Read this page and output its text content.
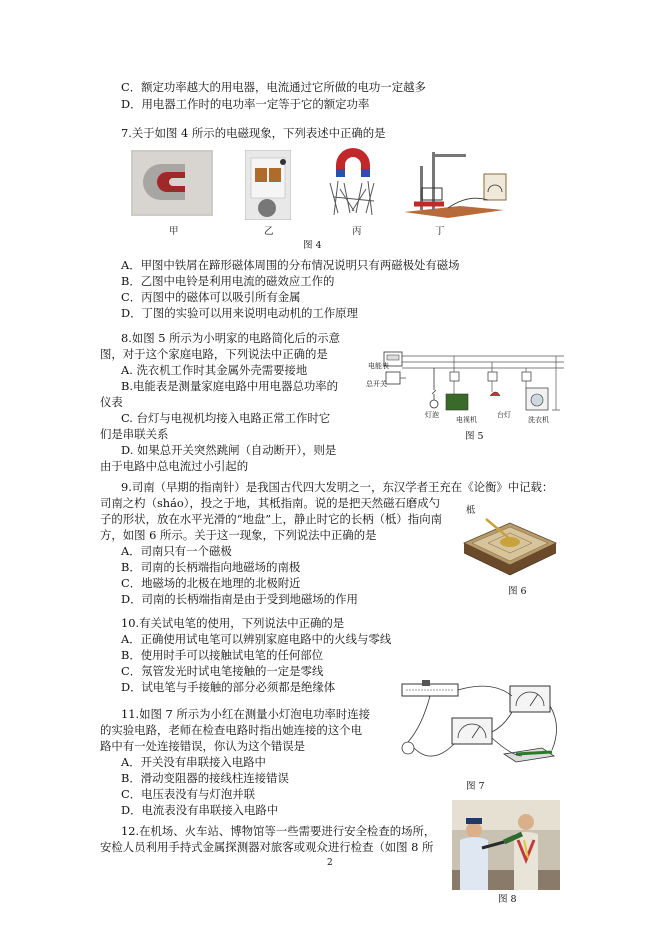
C．额定功率越大的用电器，电流通过它所做的电功一定越多
D．用电器工作时的电功率一定等于它的额定功率
7.关于如图 4 所示的电磁现象，下列表述中正确的是
甲	乙	丙	丁
图 4
A．甲图中铁屑在蹄形磁体周围的分布情况说明只有两磁极处有磁场
B．乙图中电铃是利用电流的磁效应工作的
C．丙图中的磁体可以吸引所有金属
D．丁图的实验可以用来说明电动机的工作原理
8.如图 5 所示为小明家的电路简化后的示意
图，对于这个家庭电路，下列说法中正确的是
A. 洗衣机工作时其金属外壳需要接地
B.电能表是测量家庭电路中用电器总功率的
仪表
C. 台灯与电视机均接入电路正常工作时它
们是串联关系
D. 如果总开关突然跳闸（自动断开），则是
由于电路中总电流过小引起的
电能表
总开关
灯泡
电视机
台灯
洗衣机
图 5
9.司南（早期的指南针）是我国古代四大发明之一，东汉学者王充在《论衡》中记载：
司南之杓（sháo），投之于地，其柢指南。说的是把天然磁石磨成勺
子的形状，放在水平光滑的“地盘”上，静止时它的长柄（柢）指向南
方，如图 6 所示。关于这一现象，下列说法中正确的是
A．司南只有一个磁极
B．司南的长柄端指向地磁场的南极
C．地磁场的北极在地理的北极附近
D．司南的长柄端指南是由于受到地磁场的作用
柢
图 6
10.有关试电笔的使用，下列说法中正确的是
A．正确使用试电笔可以辨别家庭电路中的火线与零线
B．使用时手可以接触试电笔的任何部位
C．氖管发光时试电笔接触的一定是零线
D．试电笔与手接触的部分必须都是绝缘体
11.如图 7 所示为小红在测量小灯泡电功率时连接
的实验电路，老师在检查电路时指出她连接的这个电
路中有一处连接错误，你认为这个错误是
A．开关没有串联接入电路中
B．滑动变阻器的接线柱连接错误
C．电压表没有与灯泡并联
D．电流表没有串联接入电路中
图 7
12.在机场、火车站、博物馆等一些需要进行安全检查的场所，
安检人员利用手持式金属探测器对旅客或观众进行检查（如图 8 所
图 8
2
